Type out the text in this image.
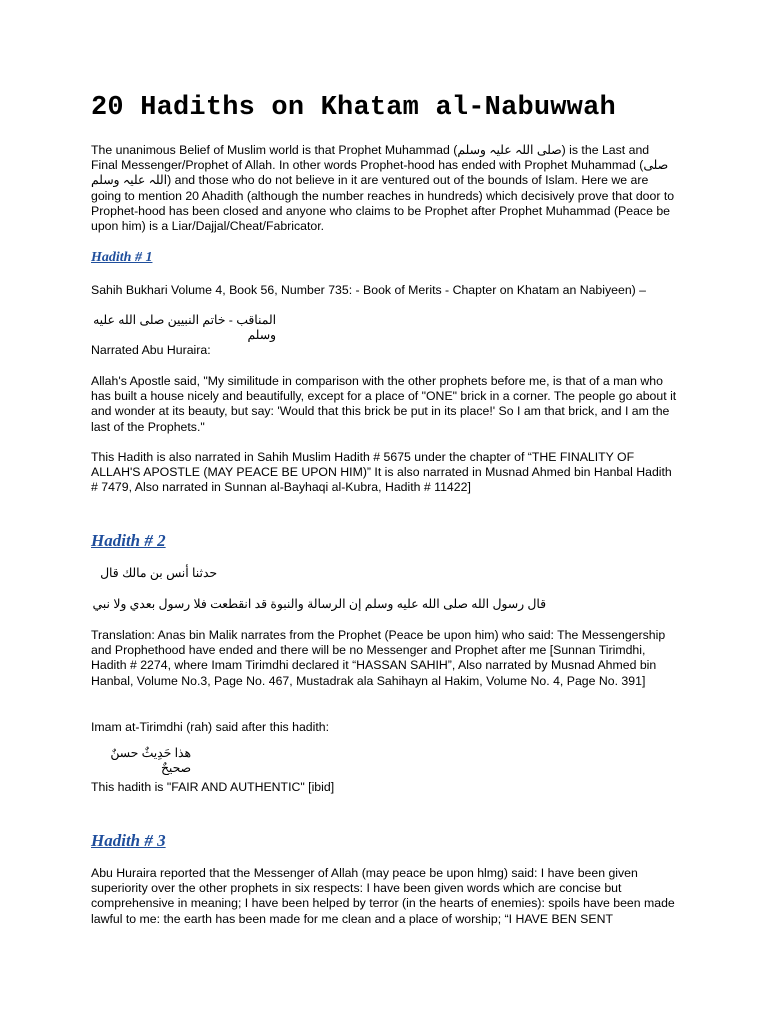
20 Hadiths on Khatam al-Nabuwwah

The unanimous Belief of Muslim world is that Prophet Muhammad (صلی اللہ علیہ وسلم) is the Last and Final Messenger/Prophet of Allah. In other words Prophet-hood has ended with Prophet Muhammad (صلی اللہ علیہ وسلم) and those who do not believe in it are ventured out of the bounds of Islam. Here we are going to mention 20 Ahadith (although the number reaches in hundreds) which decisively prove that door to Prophet-hood has been closed and anyone who claims to be Prophet after Prophet Muhammad (Peace be upon him) is a Liar/Dajjal/Cheat/Fabricator.

Hadith # 1

Sahih Bukhari Volume 4, Book 56, Number 735: - Book of Merits - Chapter on Khatam an Nabiyeen) –

المناقب - خاتم النبيين صلى الله عليه وسلم

Narrated Abu Huraira:

Allah's Apostle said, "My similitude in comparison with the other prophets before me, is that of a man who has built a house nicely and beautifully, except for a place of "ONE" brick in a corner. The people go about it and wonder at its beauty, but say: 'Would that this brick be put in its place!' So I am that brick, and I am the last of the Prophets."

This Hadith is also narrated in Sahih Muslim Hadith # 5675 under the chapter of “THE FINALITY OF ALLAH'S APOSTLE (MAY PEACE BE UPON HIM)” It is also narrated in Musnad Ahmed bin Hanbal Hadith # 7479, Also narrated in Sunnan al-Bayhaqi al-Kubra, Hadith # 11422]

Hadith # 2

حدثنا أنس بن مالك قال

قال رسول الله صلى الله عليه وسلم إن الرسالة والنبوة قد انقطعت فلا رسول بعدي ولا نبي

Translation: Anas bin Malik narrates from the Prophet (Peace be upon him) who said: The Messengership and Prophethood have ended and there will be no Messenger and Prophet after me [Sunnan Tirimdhi, Hadith # 2274, where Imam Tirimdhi declared it “HASSAN SAHIH”, Also narrated by Musnad Ahmed bin Hanbal, Volume No.3, Page No. 467, Mustadrak ala Sahihayn al Hakim, Volume No. 4, Page No. 391]

Imam at-Tirimdhi (rah) said after this hadith:

هذا حَدِيثٌ حسنٌ صحيحٌ

This hadith is "FAIR AND AUTHENTIC" [ibid]

Hadith # 3

Abu Huraira reported that the Messenger of Allah (may peace be upon hlmg) said: I have been given superiority over the other prophets in six respects: I have been given words which are concise but comprehensive in meaning; I have been helped by terror (in the hearts of enemies): spoils have been made lawful to me: the earth has been made for me clean and a place of worship; “I HAVE BEN SENT
